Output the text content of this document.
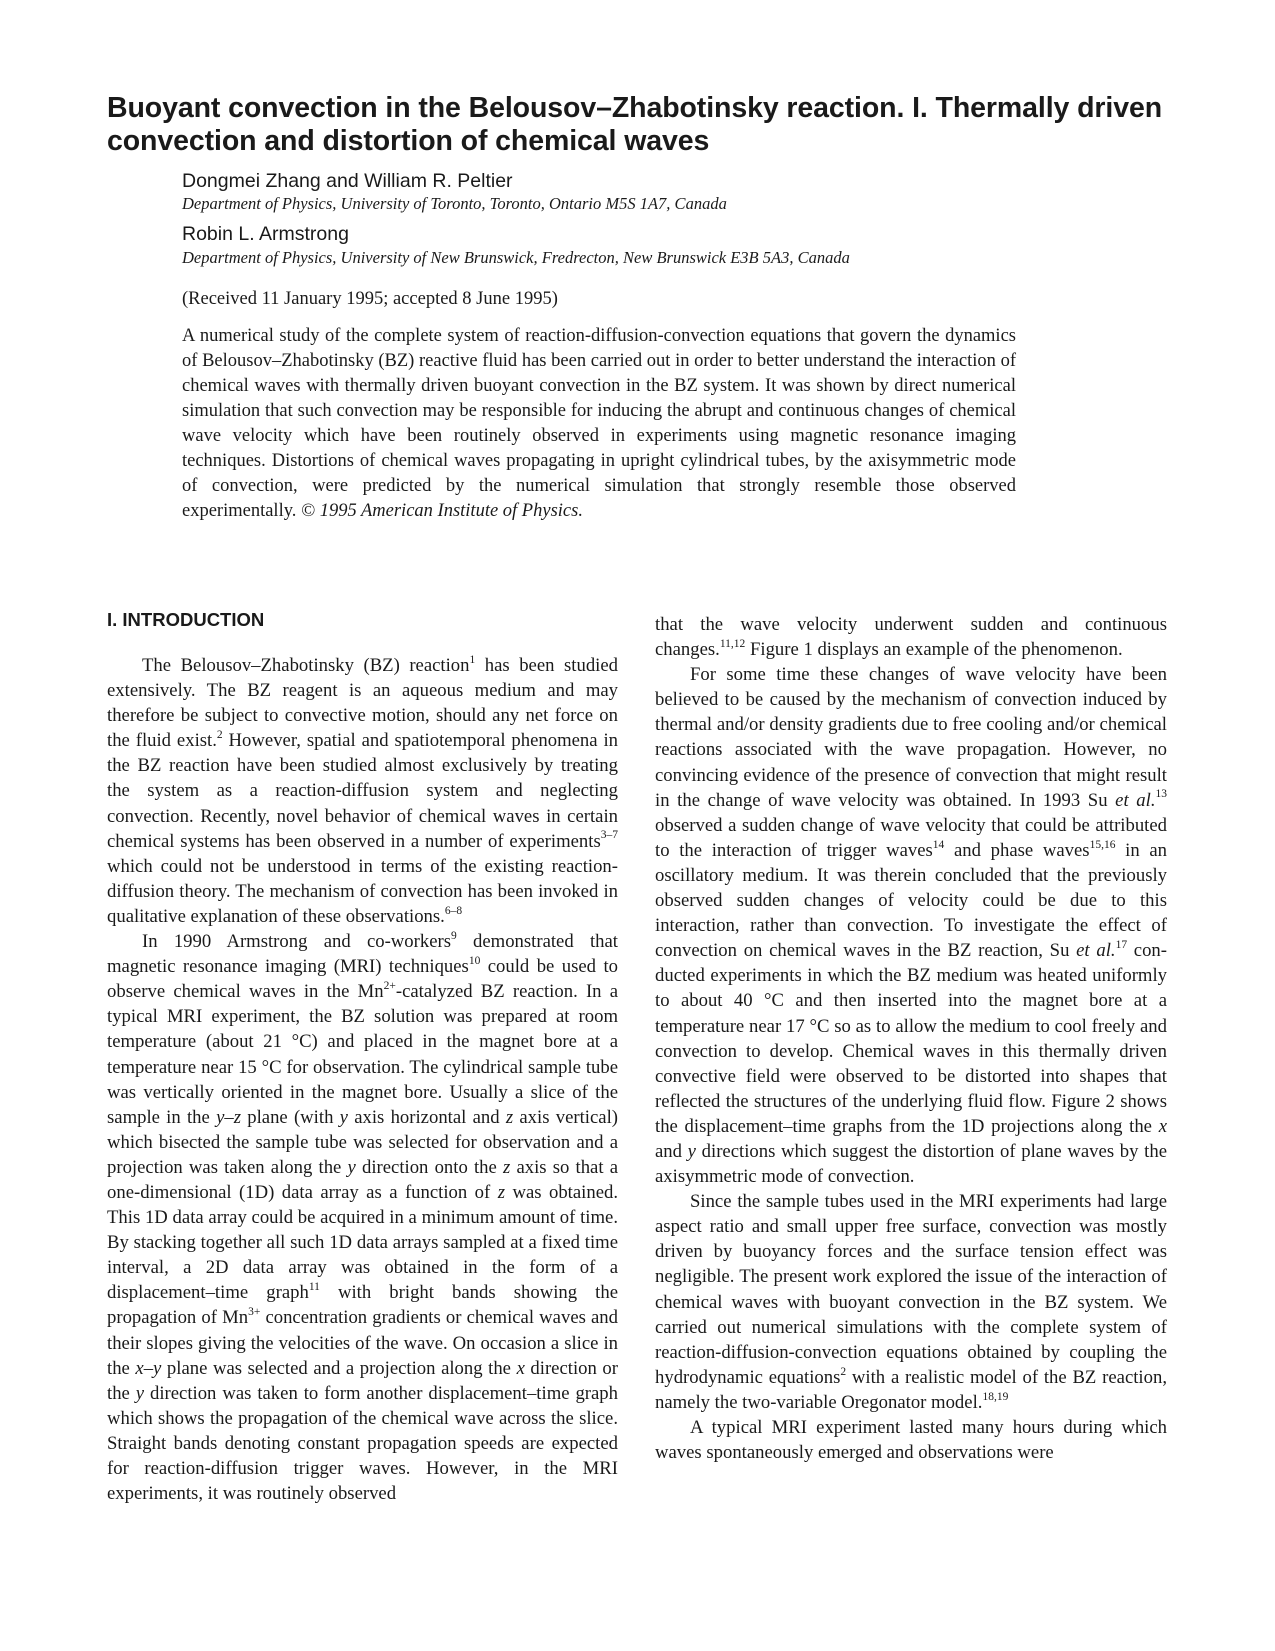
Buoyant convection in the Belousov–Zhabotinsky reaction. I. Thermally driven convection and distortion of chemical waves
Dongmei Zhang and William R. Peltier
Department of Physics, University of Toronto, Toronto, Ontario M5S 1A7, Canada
Robin L. Armstrong
Department of Physics, University of New Brunswick, Fredrecton, New Brunswick E3B 5A3, Canada
(Received 11 January 1995; accepted 8 June 1995)

A numerical study of the complete system of reaction-diffusion-convection equations that govern the dynamics of Belousov–Zhabotinsky (BZ) reactive fluid has been carried out in order to better understand the interaction of chemical waves with thermally driven buoyant convection in the BZ system. It was shown by direct numerical simulation that such convection may be responsible for inducing the abrupt and continuous changes of chemical wave velocity which have been routinely observed in experiments using magnetic resonance imaging techniques. Distortions of chemical waves propagating in upright cylindrical tubes, by the axisymmetric mode of convection, were predicted by the numerical simulation that strongly resemble those observed experimentally. © 1995 American Institute of Physics.

I. INTRODUCTION

The Belousov–Zhabotinsky (BZ) reaction$^1$ has been studied extensively. The BZ reagent is an aqueous medium and may therefore be subject to convective motion, should any net force on the fluid exist.$^2$ However, spatial and spatiotemporal phenomena in the BZ reaction have been studied almost exclusively by treating the system as a reaction-diffusion system and neglecting convection. Recently, novel behavior of chemical waves in certain chemical systems has been observed in a number of experiments$^{3-7}$ which could not be understood in terms of the existing reaction-diffusion theory. The mechanism of convection has been invoked in qualitative explanation of these observations.$^{6-8}$

In 1990 Armstrong and co-workers$^9$ demonstrated that magnetic resonance imaging (MRI) techniques$^{10}$ could be used to observe chemical waves in the $Mn^{2+}$-catalyzed BZ reaction. In a typical MRI experiment, the BZ solution was prepared at room temperature (about 21 °C) and placed in the magnet bore at a temperature near 15 °C for observation. The cylindrical sample tube was vertically oriented in the magnet bore. Usually a slice of the sample in the y–z plane (with y axis horizontal and z axis vertical) which bisected the sample tube was selected for observation and a projection was taken along the y direction onto the z axis so that a one-dimensional (1D) data array as a function of z was obtained. This 1D data array could be acquired in a minimum amount of time. By stacking together all such 1D data arrays sampled at a fixed time interval, a 2D data array was obtained in the form of a displacement–time graph$^{11}$ with bright bands showing the propagation of $Mn^{3+}$ concentration gradients or chemical waves and their slopes giving the velocities of the wave. On occasion a slice in the x–y plane was selected and a projection along the x direction or the y direction was taken to form another displacement–time graph which shows the propagation of the chemical wave across the slice. Straight bands denoting constant propagation speeds are expected for reaction-diffusion trigger waves. However, in the MRI experiments, it was routinely observed

that the wave velocity underwent sudden and continuous changes.$^{11,12}$ Figure 1 displays an example of the phenomenon.

For some time these changes of wave velocity have been believed to be caused by the mechanism of convection induced by thermal and/or density gradients due to free cooling and/or chemical reactions associated with the wave propagation. However, no convincing evidence of the presence of convection that might result in the change of wave velocity was obtained. In 1993 Su et al.$^{13}$ observed a sudden change of wave velocity that could be attributed to the interaction of trigger waves$^{14}$ and phase waves$^{15,16}$ in an oscillatory medium. It was therein concluded that the previously observed sudden changes of velocity could be due to this interaction, rather than convection. To investigate the effect of convection on chemical waves in the BZ reaction, Su et al.$^{17}$ conducted experiments in which the BZ medium was heated uniformly to about 40 °C and then inserted into the magnet bore at a temperature near 17 °C so as to allow the medium to cool freely and convection to develop. Chemical waves in this thermally driven convective field were observed to be distorted into shapes that reflected the structures of the underlying fluid flow. Figure 2 shows the displacement–time graphs from the 1D projections along the x and y directions which suggest the distortion of plane waves by the axisymmetric mode of convection.

Since the sample tubes used in the MRI experiments had large aspect ratio and small upper free surface, convection was mostly driven by buoyancy forces and the surface tension effect was negligible. The present work explored the issue of the interaction of chemical waves with buoyant convection in the BZ system. We carried out numerical simulations with the complete system of reaction-diffusion-convection equations obtained by coupling the hydrodynamic equations$^2$ with a realistic model of the BZ reaction, namely the two-variable Oregonator model.$^{18,19}$

A typical MRI experiment lasted many hours during which waves spontaneously emerged and observations were
